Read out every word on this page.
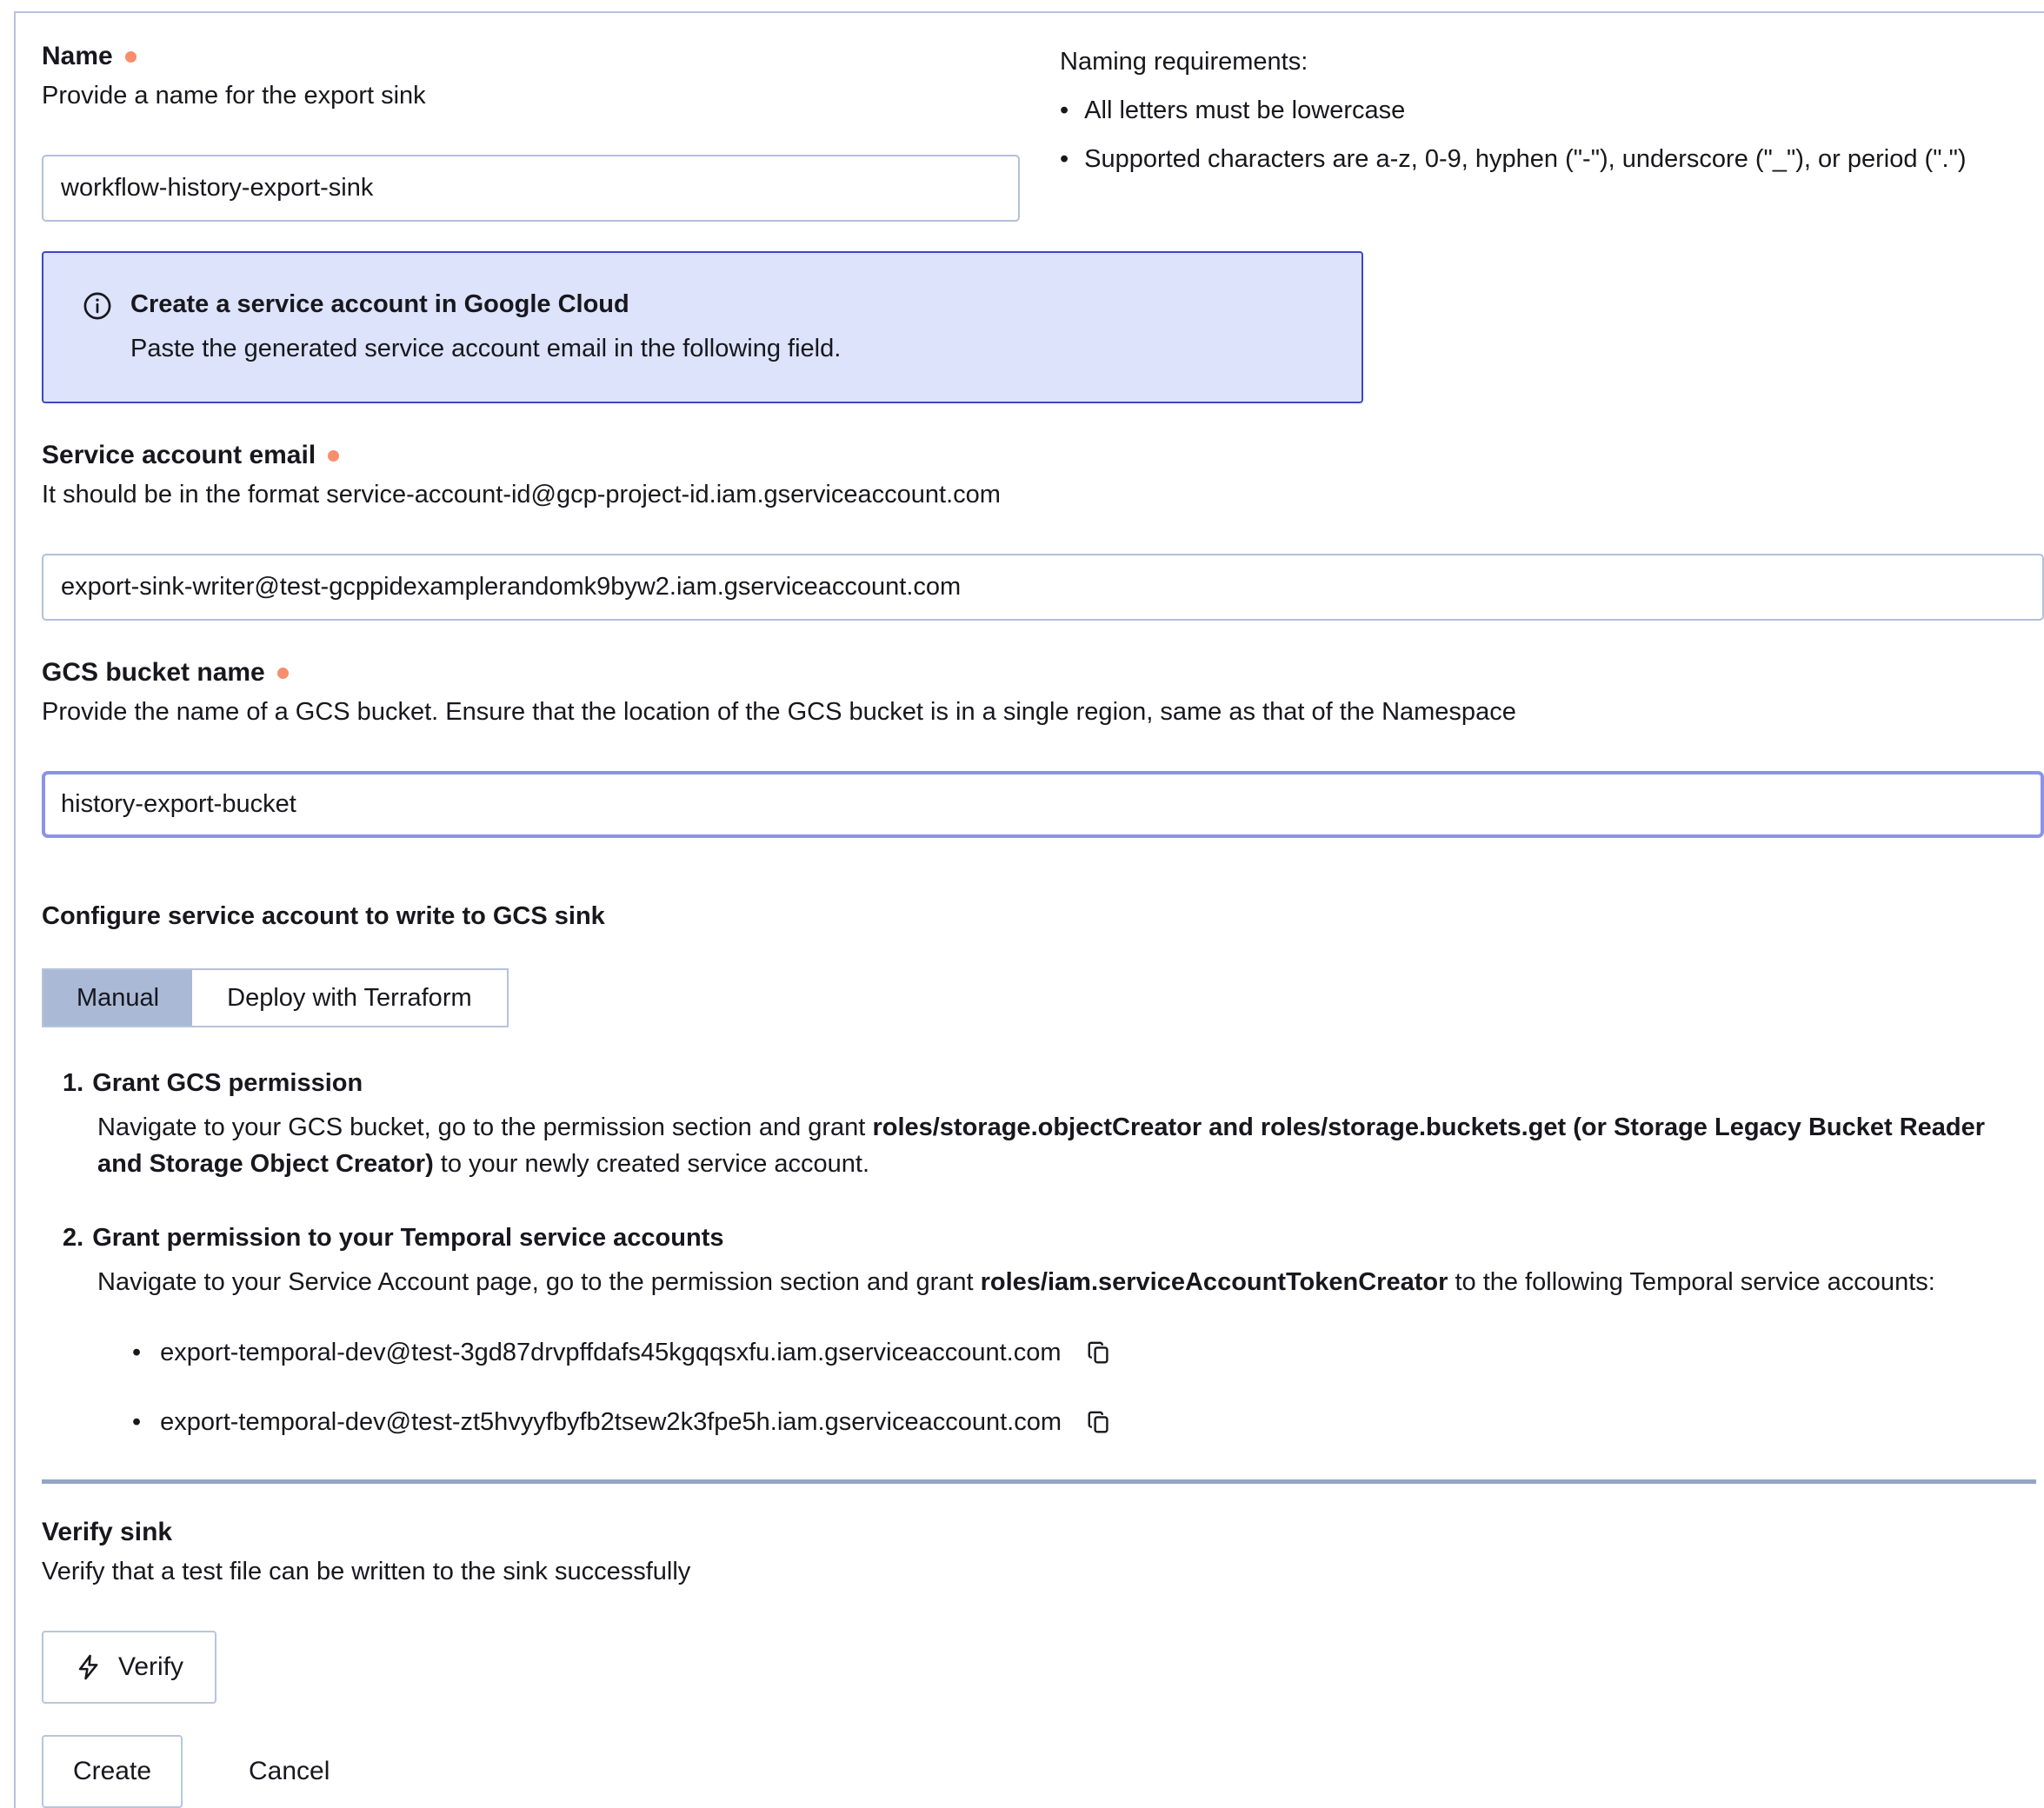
Name
Provide a name for the export sink
workflow-history-export-sink
Naming requirements:
• All letters must be lowercase
• Supported characters are a-z, 0-9, hyphen ("-"), underscore ("_"), or period (".")
Create a service account in Google Cloud
Paste the generated service account email in the following field.
Service account email
It should be in the format service-account-id@gcp-project-id.iam.gserviceaccount.com
export-sink-writer@test-gcppidexamplerandomk9byw2.iam.gserviceaccount.com
GCS bucket name
Provide the name of a GCS bucket. Ensure that the location of the GCS bucket is in a single region, same as that of the Namespace
history-export-bucket
Configure service account to write to GCS sink
Manual	Deploy with Terraform
1. Grant GCS permission
Navigate to your GCS bucket, go to the permission section and grant roles/storage.objectCreator and roles/storage.buckets.get (or Storage Legacy Bucket Reader and Storage Object Creator) to your newly created service account.
2. Grant permission to your Temporal service accounts
Navigate to your Service Account page, go to the permission section and grant roles/iam.serviceAccountTokenCreator to the following Temporal service accounts:
• export-temporal-dev@test-3gd87drvpffdafs45kgqqsxfu.iam.gserviceaccount.com
• export-temporal-dev@test-zt5hvyyfbyfb2tsew2k3fpe5h.iam.gserviceaccount.com
Verify sink
Verify that a test file can be written to the sink successfully
Verify
Create	Cancel
